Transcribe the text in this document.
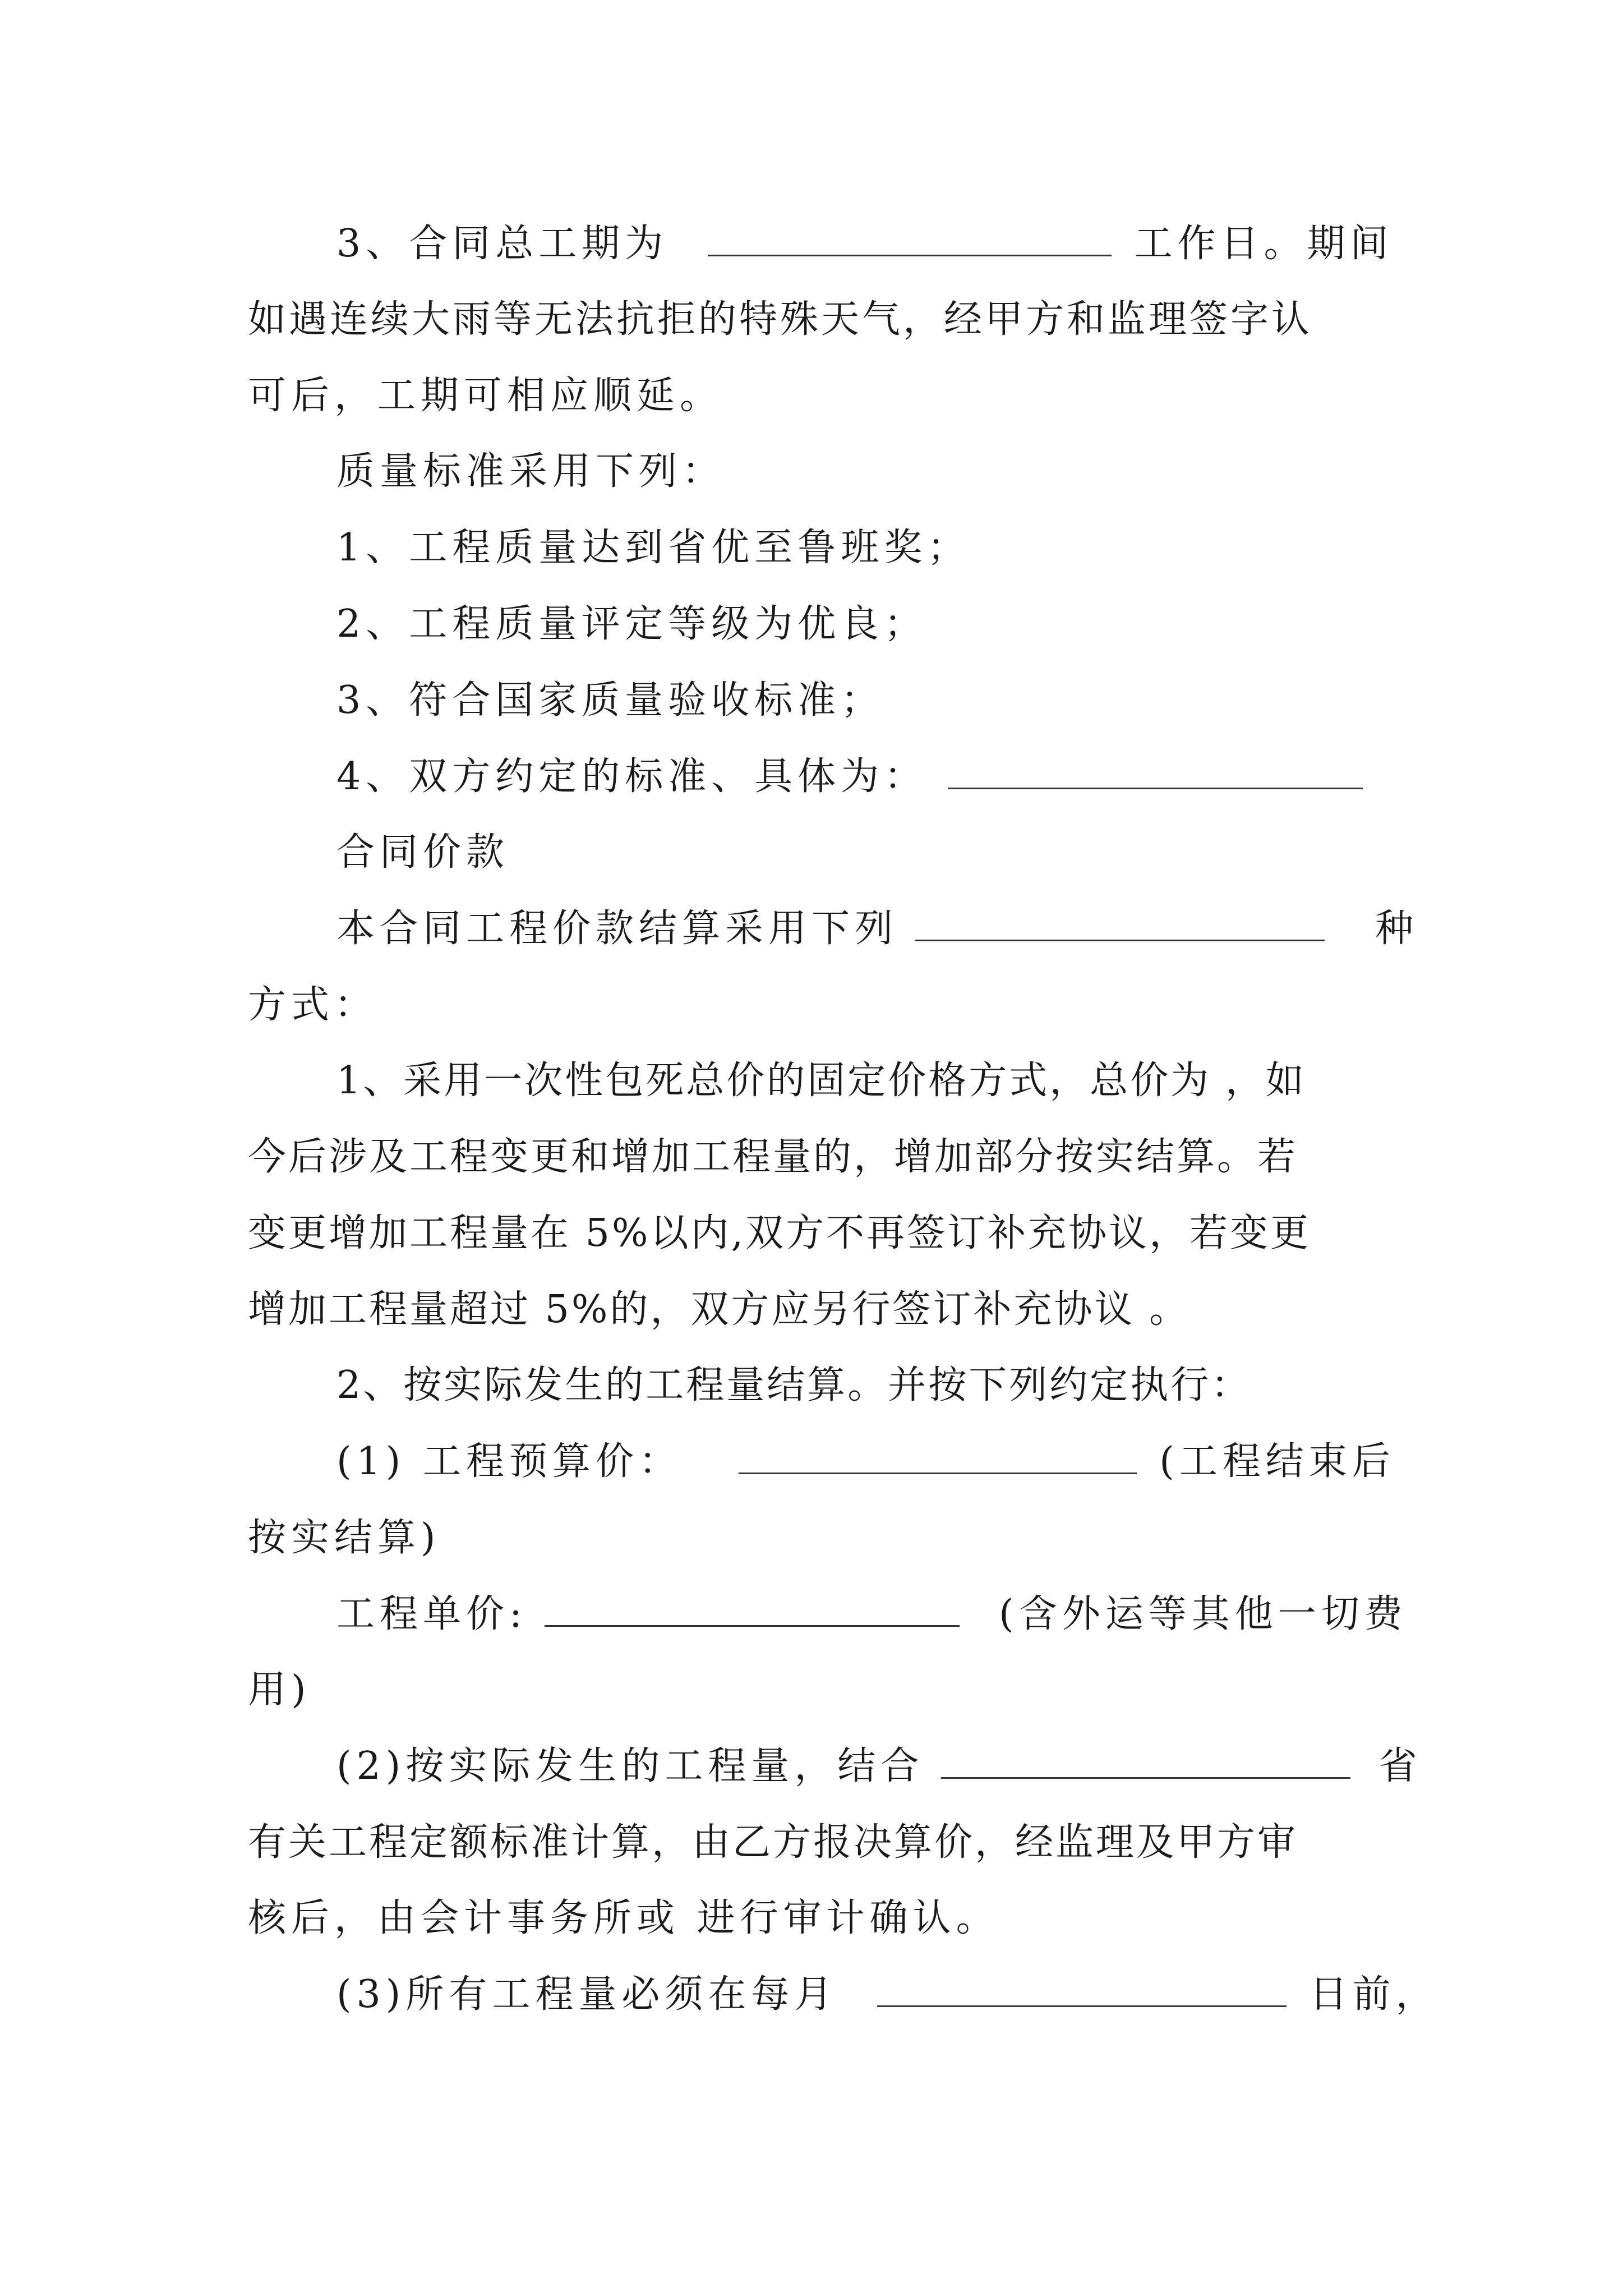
3、合同总工期为	工作日。期间
如遇连续大雨等无法抗拒的特殊天气，经甲方和监理签字认
可后，工期可相应顺延。
质量标准采用下列：
1、工程质量达到省优至鲁班奖；
2、工程质量评定等级为优良；
3、符合国家质量验收标准；
4、双方约定的标准、具体为：
合同价款
本合同工程价款结算采用下列	种
方式：
1、采用一次性包死总价的固定价格方式，总价为 ，如
今后涉及工程变更和增加工程量的，增加部分按实结算。若
变更增加工程量在 5%以内,双方不再签订补充协议，若变更
增加工程量超过 5%的，双方应另行签订补充协议 。
2、按实际发生的工程量结算。并按下列约定执行：
(1) 工程预算价：	(工程结束后
按实结算)
工程单价:	(含外运等其他一切费
用)
(2)按实际发生的工程量，结合	省
有关工程定额标准计算，由乙方报决算价，经监理及甲方审
核后，由会计事务所或 进行审计确认。
(3)所有工程量必须在每月	日前，
